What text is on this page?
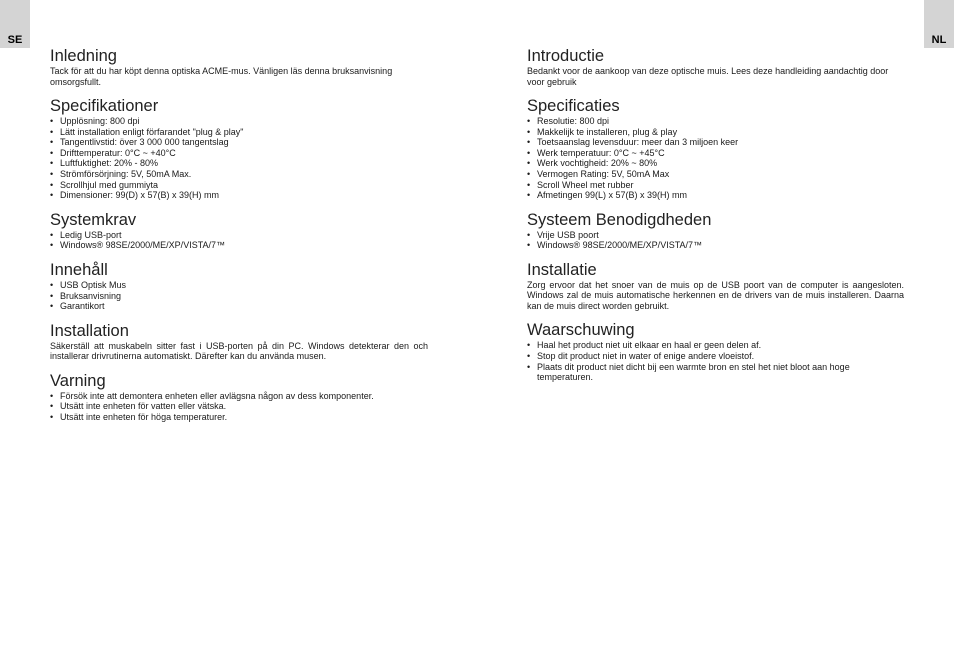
SE	NL
Inledning

Tack för att du har köpt denna optiska ACME-mus. Vänligen läs denna bruksanvisning omsorgsfullt.

Specifikationer
• Upplösning: 800 dpi
• Lätt installation enligt förfarandet "plug & play"
• Tangentlivstid: över 3 000 000 tangentslag
• Drifttemperatur: 0°C ~ +40°C
• Luftfuktighet: 20% - 80%
• Strömförsörjning: 5V, 50mA Max.
• Scrollhjul med gummiyta
• Dimensioner: 99(D) x 57(B) x 39(H) mm
Systemkrav
• Ledig USB-port
• Windows® 98SE/2000/ME/XP/VISTA/7™
Innehåll
• USB Optisk Mus
• Bruksanvisning
• Garantikort
Installation

Säkerställ att muskabeln sitter fast i USB-porten på din PC. Windows detekterar den och installerar drivrutinerna automatiskt. Därefter kan du använda musen.

Varning
• Försök inte att demontera enheten eller avlägsna någon av dess komponenter.
• Utsätt inte enheten för vatten eller vätska.
• Utsätt inte enheten för höga temperaturer.
Introductie

Bedankt voor de aankoop van deze optische muis. Lees deze handleiding aandachtig door voor gebruik

Specificaties
• Resolutie: 800 dpi
• Makkelijk te installeren, plug & play
• Toetsaanslag levensduur: meer dan 3 miljoen keer
• Werk temperatuur: 0°C ~ +45°C
• Werk vochtigheid: 20% ~ 80%
• Vermogen Rating: 5V, 50mA Max
• Scroll Wheel met rubber
• Afmetingen 99(L) x 57(B) x 39(H) mm
Systeem Benodigdheden
• Vrije USB poort
• Windows® 98SE/2000/ME/XP/VISTA/7™
Installatie

Zorg ervoor dat het snoer van de muis op de USB poort van de computer is aangesloten. Windows zal de muis automatische herkennen en de drivers van de muis installeren. Daarna kan de muis direct worden gebruikt.

Waarschuwing
• Haal het product niet uit elkaar en haal er geen delen af.
• Stop dit product niet in water of enige andere vloeistof.
• Plaats dit product niet dicht bij een warmte bron en stel het niet bloot aan hoge temperaturen.
